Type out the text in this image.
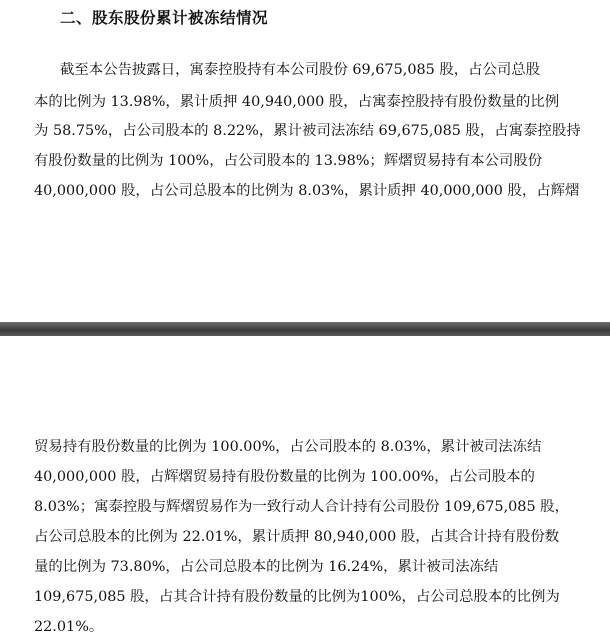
二、股东股份累计被冻结情况
截至本公告披露日，寓泰控股持有本公司股份 69,675,085 股，占公司总股
本的比例为 13.98%，累计质押 40,940,000 股，占寓泰控股持有股份数量的比例
为 58.75%，占公司股本的 8.22%，累计被司法冻结 69,675,085 股，占寓泰控股持
有股份数量的比例为 100%，占公司股本的 13.98%；辉熠贸易持有本公司股份
40,000,000 股，占公司总股本的比例为 8.03%，累计质押 40,000,000 股，占辉熠
贸易持有股份数量的比例为 100.00%，占公司股本的 8.03%，累计被司法冻结
40,000,000 股，占辉熠贸易持有股份数量的比例为 100.00%，占公司股本的
8.03%；寓泰控股与辉熠贸易作为一致行动人合计持有公司股份 109,675,085 股，
占公司总股本的比例为 22.01%，累计质押 80,940,000 股，占其合计持有股份数
量的比例为 73.80%，占公司总股本的比例为 16.24%，累计被司法冻结
109,675,085 股，占其合计持有股份数量的比例为100%，占公司总股本的比例为
22.01%。
